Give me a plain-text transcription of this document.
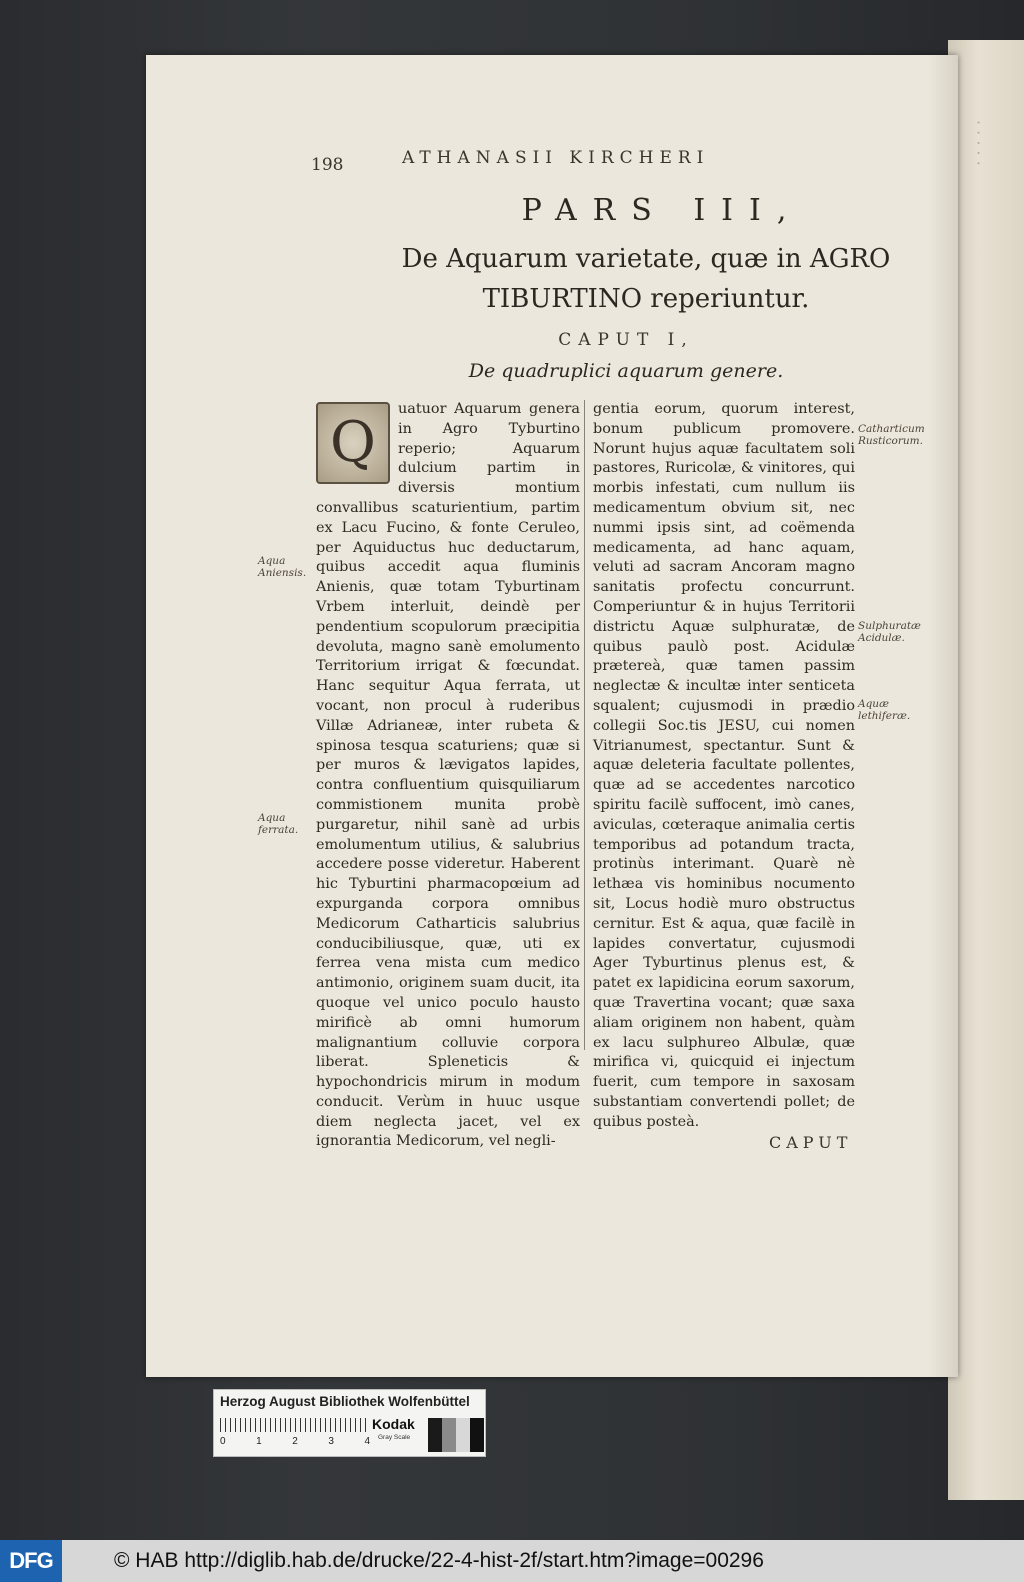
· · · · ·
198	ATHANASII KIRCHERI
PARS III,
De Aquarum varietate, quæ in AGRO
TIBURTINO reperiuntur.
CAPUT I,
De quadruplici aquarum genere.
Q

uatuor Aquarum genera in Agro Tyburtino reperio; Aquarum dulcium partim in diversis montium convallibus scaturientium, partim ex Lacu Fucino, & fonte Ceruleo, per Aquiductus huc deductarum, quibus accedit aqua fluminis Anienis, quæ totam Tyburtinam Vrbem interluit, deindè per pendentium scopulorum præcipitia devoluta, magno sanè emolumento Territorium irrigat & fœcundat. Hanc sequitur Aqua ferrata, ut vocant, non procul à ruderibus Villæ Adrianeæ, inter rubeta & spinosa tesqua scaturiens; quæ si per muros & lævigatos lapides, contra confluentium quisquiliarum commistionem munita probè purgaretur, nihil sanè ad urbis emolumentum utilius, & salubrius accedere posse videretur. Haberent hic Tyburtini pharmacopœium ad expurganda corpora omnibus Medicorum Catharticis salubrius conducibiliusque, quæ, uti ex ferrea vena mista cum medico antimonio, originem suam ducit, ita quoque vel unico poculo hausto mirificè ab omni humorum malignantium colluvie corpora liberat. Spleneticis & hypochondricis mirum in modum conducit. Verùm in huuc usque diem neglecta jacet, vel ex ignorantia Medicorum, vel negli-

gentia eorum, quorum interest, bonum publicum promovere. Norunt hujus aquæ facultatem soli pastores, Ruricolæ, & vinitores, qui morbis infestati, cum nullum iis medicamentum obvium sit, nec nummi ipsis sint, ad coëmenda medicamenta, ad hanc aquam, veluti ad sacram Ancoram magno sanitatis profectu concurrunt. Comperiuntur & in hujus Territorii districtu Aquæ sulphuratæ, de quibus paulò post. Acidulæ prætereà, quæ tamen passim neglectæ & incultæ inter senticeta squalent; cujusmodi in prædio collegii Soc.tis JESU, cui nomen Vitrianumest, spectantur. Sunt & aquæ deleteria facultate pollentes, quæ ad se accedentes narcotico spiritu facilè suffocent, imò canes, aviculas, cœteraque animalia certis temporibus ad potandum tracta, protinùs interimant. Quarè nè lethæa vis hominibus nocumento sit, Locus hodiè muro obstructus cernitur. Est & aqua, quæ facilè in lapides convertatur, cujusmodi Ager Tyburtinus plenus est, & patet ex lapidicina eorum saxorum, quæ Travertina vocant; quæ saxa aliam originem non habent, quàm ex lacu sulphureo Albulæ, quæ mirifica vi, quicquid ei injectum fuerit, cum tempore in saxosam substantiam convertendi pollet; de quibus posteà.

Aqua Aniensis.
Aqua ferrata.
Catharticum Rusticorum.
Sulphuratæ Acidulæ.
Aquæ lethiferæ.
CAPUT
Herzog August Bibliothek Wolfenbüttel
0	1	2	3	4
Kodak
Gray Scale
DFG	© HAB http://diglib.hab.de/drucke/22-4-hist-2f/start.htm?image=00296
